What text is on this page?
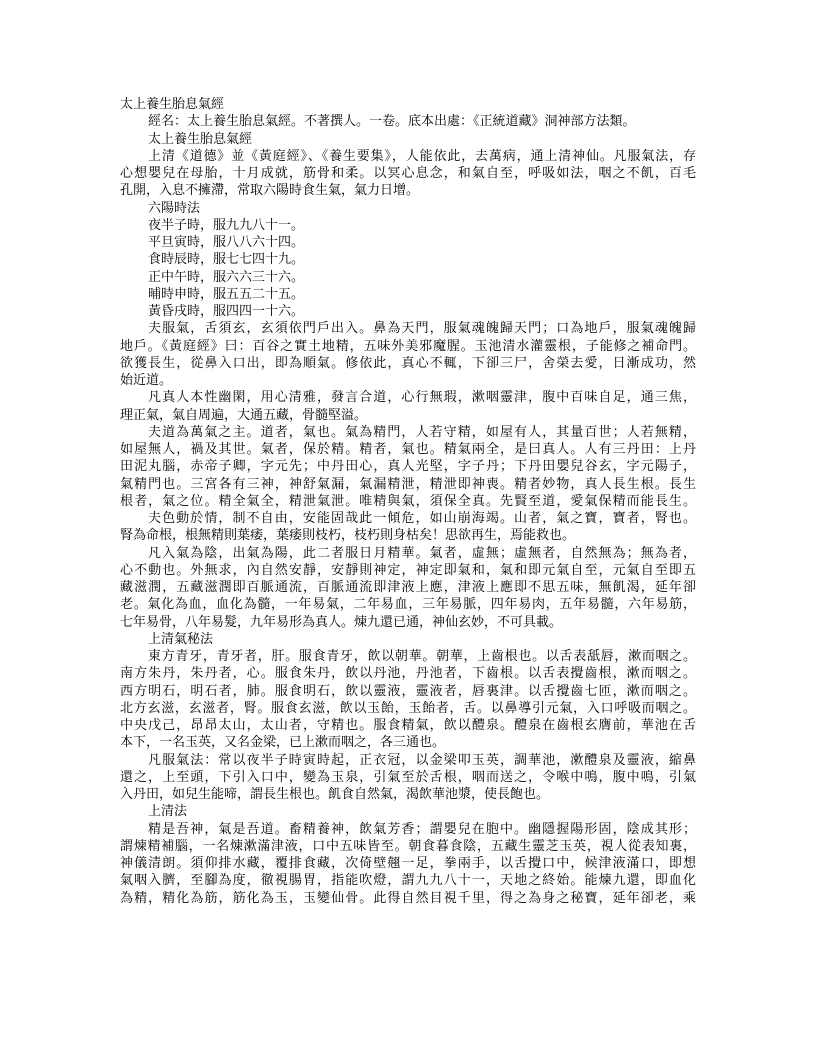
太上養生胎息氣經
經名：太上養生胎息氣經。不著撰人。一卷。底本出處：《正統道藏》洞神部方法類。
太上養生胎息氣經
上清《道德》並《黃庭經》、《養生要集》，人能依此，去萬病，通上清神仙。凡服氣法，存
心想嬰兒在母胎，十月成就，筋骨和柔。以冥心息念，和氣自至，呼吸如法，咽之不飢，百毛
孔開，入息不擁滯，常取六陽時食生氣，氣力日增。
六陽時法
夜半子時，服九九八十一。
平旦寅時，服八八六十四。
食時辰時，服七七四十九。
正中午時，服六六三十六。
晡時申時，服五五二十五。
黃昏戌時，服四四一十六。
夫服氣，舌須玄，玄須依門戶出入。鼻為天門，服氣魂魄歸天門；口為地戶，服氣魂魄歸
地戶。《黃庭經》曰：百谷之實土地精，五味外美邪魔腥。玉池清水灌靈根，子能修之補命門。
欲獲長生，從鼻入口出，即為順氣。修依此，真心不輒，下卻三尸，舍榮去愛，日漸成功，然
始近道。
凡真人本性幽閑，用心清雅，發言合道，心行無瑕，漱咽靈津，腹中百味自足，通三焦，
理正氣，氣自周遍，大通五藏，骨髓堅溢。
夫道為萬氣之主。道者，氣也。氣為精門，人若守精，如屋有人，其量百世；人若無精，
如屋無人，禍及其世。氣者，保於精。精者，氣也。精氣兩全，是曰真人。人有三丹田：上丹
田泥丸腦，赤帝子卿，字元先；中丹田心，真人光堅，字子丹；下丹田嬰兒谷玄，字元陽子，
氣精門也。三宮各有三神，神舒氣漏，氣漏精泄，精泄即神喪。精者妙物，真人長生根。長生
根者，氣之位。精全氣全，精泄氣泄。唯精與氣，須保全真。先賢至道，愛氣保精而能長生。
夫色動於情，制不自由，安能固哉此一傾危，如山崩海竭。山者，氣之寶，寶者，腎也。
腎為命根，根無精則葉痿，葉痿則枝朽，枝朽則身枯矣！思欲再生，焉能救也。
凡入氣為陰，出氣為陽，此二者服日月精華。氣者，虛無；虛無者，自然無為；無為者，
心不動也。外無求，內自然安靜，安靜則神定，神定即氣和，氣和即元氣自至，元氣自至即五
藏滋潤，五藏滋潤即百脈通流，百脈通流即津液上應，津液上應即不思五味，無飢渴，延年卻
老。氣化為血，血化為髓，一年易氣，二年易血，三年易脈，四年易肉，五年易髓，六年易筋，
七年易骨，八年易髮，九年易形為真人。煉九還已通，神仙玄妙，不可具載。
上清氣秘法
東方青牙，青牙者，肝。服食青牙，飲以朝華。朝華，上齒根也。以舌表舐唇，漱而咽之。
南方朱丹，朱丹者，心。服食朱丹，飲以丹池，丹池者，下齒根。以舌表攪齒根，漱而咽之。
西方明石，明石者，肺。服食明石，飲以靈液，靈液者，唇裏津。以舌攪齒七匝，漱而咽之。
北方玄滋，玄滋者，腎。服食玄滋，飲以玉飴，玉飴者，舌。以鼻導引元氣，入口呼吸而咽之。
中央戊己，昂昂太山，太山者，守精也。服食精氣，飲以醴泉。醴泉在齒根玄膺前，華池在舌
本下，一名玉英，又名金梁，已上漱而咽之，各三通也。
凡服氣法：常以夜半子時寅時起，正衣冠，以金梁叩玉英，調華池，漱醴泉及靈液，縮鼻
還之，上至頭，下引入口中，變為玉泉，引氣至於舌根，咽而送之，令喉中鳴，腹中鳴，引氣
入丹田，如兒生能啼，謂長生根也。飢食自然氣，渴飲華池漿，使長飽也。
上清法
精是吾神，氣是吾道。畜精養神，飲氣芳香；謂嬰兒在胞中。幽隱握陽形固，陰成其形；
謂煉精補腦，一名煉漱滿津液，口中五味皆至。朝食暮食陰，五藏生靈芝玉英，視人從表知裏，
神儀清朗。須仰排水藏，覆排食藏，次倚壁翹一足，拳兩手，以舌攪口中，候津液滿口，即想
氣咽入臍，至腳為度，徹視腸胃，指能吹燈，謂九九八十一，天地之終始。能煉九還，即血化
為精，精化為筋，筋化為玉，玉變仙骨。此得自然目視千里，得之為身之秘寶，延年卻老，乘
